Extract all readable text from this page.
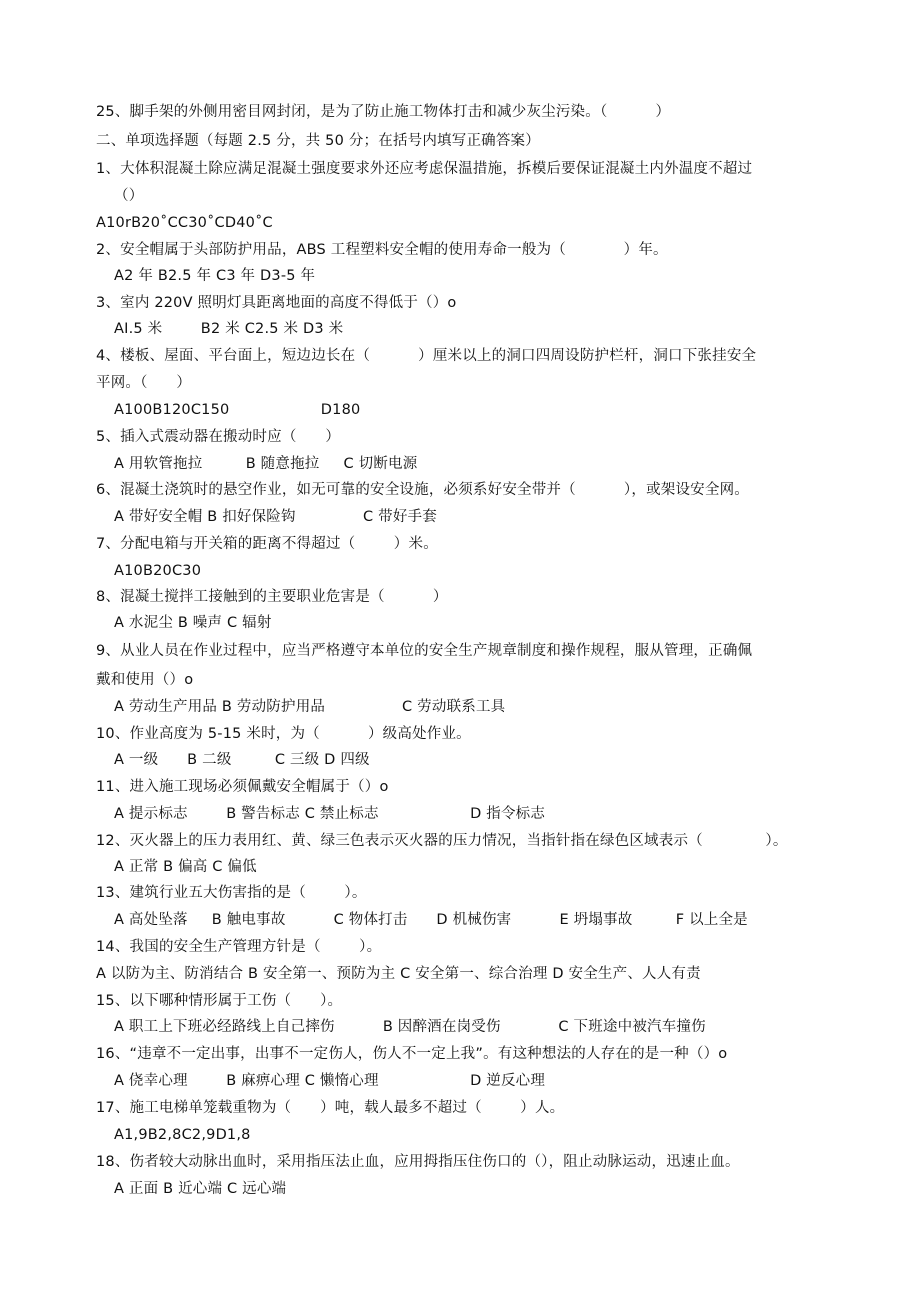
25、脚手架的外侧用密目网封闭，是为了防止施工物体打击和减少灰尘污染。（          ）
二、单项选择题（每题 2.5 分，共 50 分；在括号内填写正确答案）
1、大体积混凝土除应满足混凝土强度要求外还应考虑保温措施，拆模后要保证混凝土内外温度不超过
（）
A10rB20˚CC30˚CD40˚C
2、安全帽属于头部防护用品，ABS 工程塑料安全帽的使用寿命一般为（            ）年。
A2 年 B2.5 年 C3 年 D3-5 年
3、室内 220V 照明灯具距离地面的高度不得低于（）o
AI.5 米        B2 米 C2.5 米 D3 米
4、楼板、屋面、平台面上，短边边长在（          ）厘米以上的洞口四周设防护栏杆，洞口下张挂安全
平网。（      ）
A100B120C150                   D180
5、插入式震动器在搬动时应（      ）
A 用软管拖拉         B 随意拖拉     C 切断电源
6、混凝土浇筑时的悬空作业，如无可靠的安全设施，必须系好安全带并（          ），或架设安全网。
A 带好安全帽 B 扣好保险钩              C 带好手套
7、分配电箱与开关箱的距离不得超过（        ）米。
A10B20C30
8、混凝土搅拌工接触到的主要职业危害是（          ）
A 水泥尘 B 噪声 C 辐射
9、从业人员在作业过程中，应当严格遵守本单位的安全生产规章制度和操作规程，服从管理，正确佩
戴和使用（）o
A 劳动生产用品 B 劳动防护用品                C 劳动联系工具
10、作业高度为 5-15 米时，为（          ）级高处作业。
A 一级      B 二级         C 三级 D 四级
11、进入施工现场必须佩戴安全帽属于（）o
A 提示标志        B 警告标志 C 禁止标志                   D 指令标志
12、灭火器上的压力表用红、黄、绿三色表示灭火器的压力情况，当指针指在绿色区域表示（             ）。
A 正常 B 偏高 C 偏低
13、建筑行业五大伤害指的是（        ）。
A 高处坠落     B 触电事故          C 物体打击      D 机械伤害          E 坍塌事故         F 以上全是
14、我国的安全生产管理方针是（        ）。
A 以防为主、防消结合 B 安全第一、预防为主 C 安全第一、综合治理 D 安全生产、人人有责
15、以下哪种情形属于工伤（      ）。
A 职工上下班必经路线上自己摔伤          B 因醉酒在岗受伤            C 下班途中被汽车撞伤
16、“违章不一定出事，出事不一定伤人，伤人不一定上我”。有这种想法的人存在的是一种（）o
A 侥幸心理        B 麻痹心理 C 懒惰心理                   D 逆反心理
17、施工电梯单笼载重物为（      ）吨，载人最多不超过（        ）人。
A1,9B2,8C2,9D1,8
18、伤者较大动脉出血时，采用指压法止血，应用拇指压住伤口的（），阻止动脉运动，迅速止血。
A 正面 B 近心端 C 远心端
